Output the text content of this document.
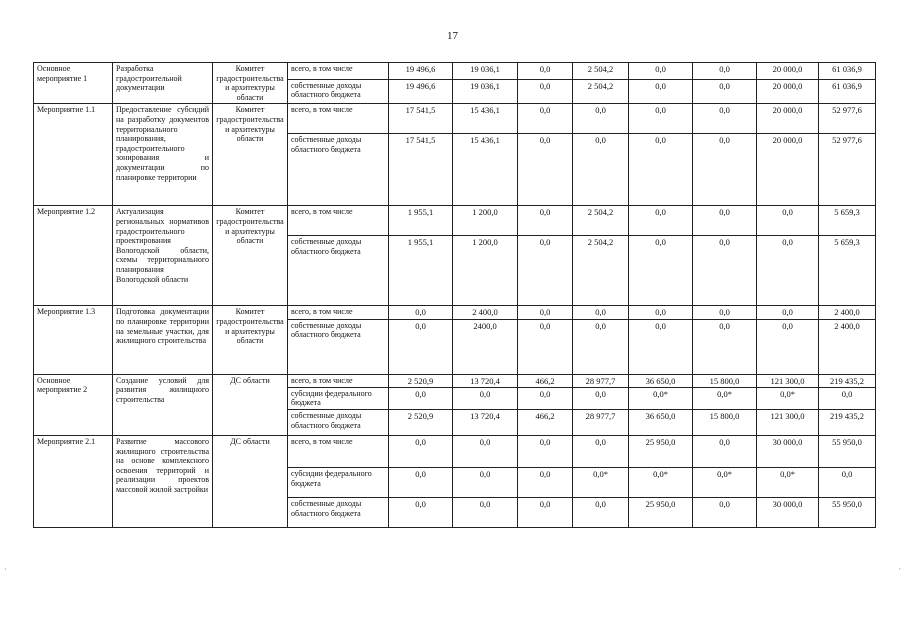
17
Основное мероприятие 1	Разработка градостроительной документации	Комитет градостроительства и архитектуры области	всего, в том числе	19 496,6	19 036,1	0,0	2 504,2	0,0	0,0	20 000,0	61 036,9
			собственные доходы областного бюджета	19 496,6	19 036,1	0,0	2 504,2	0,0	0,0	20 000,0	61 036,9
Мероприятие 1.1	Предоставление субсидий на разработку документов территориального планирования, градостроительного зонирования и документации по планировке территории	Комитет градостроительства и архитектуры области	всего, в том числе	17 541,5	15 436,1	0,0	0,0	0,0	0,0	20 000,0	52 977,6
			собственные доходы областного бюджета	17 541,5	15 436,1	0,0	0,0	0,0	0,0	20 000,0	52 977,6
Мероприятие 1.2	Актуализация региональных нормативов градостроительного проектирования Вологодской области, схемы территориального планирования Вологодской области	Комитет градостроительства и архитектуры области	всего, в том числе	1 955,1	1 200,0	0,0	2 504,2	0,0	0,0	0,0	5 659,3
			собственные доходы областного бюджета	1 955,1	1 200,0	0,0	2 504,2	0,0	0,0	0,0	5 659,3
Мероприятие 1.3	Подготовка документации по планировке территории на земельные участки, для жилищного строительства	Комитет градостроительства и архитектуры области	всего, в том числе	0,0	2 400,0	0,0	0,0	0,0	0,0	0,0	2 400,0
			собственные доходы областного бюджета	0,0	2400,0	0,0	0,0	0,0	0,0	0,0	2 400,0
Основное мероприятие 2	Создание условий для развития жилищного строительства	ДС области	всего, в том числе	2 520,9	13 720,4	466,2	28 977,7	36 650,0	15 800,0	121 300,0	219 435,2
			субсидии федерального бюджета	0,0	0,0	0,0	0,0	0,0*	0,0*	0,0*	0,0
			собственные доходы областного бюджета	2 520,9	13 720,4	466,2	28 977,7	36 650,0	15 800,0	121 300,0	219 435,2
Мероприятие 2.1	Развитие массового жилищного строительства на основе комплексного освоения территорий и реализации проектов массовой жилой застройки	ДС области	всего, в том числе	0,0	0,0	0,0	0,0	25 950,0	0,0	30 000,0	55 950,0
			субсидии федерального бюджета	0,0	0,0	0,0	0,0*	0,0*	0,0*	0,0*	0,0
			собственные доходы областного бюджета	0,0	0,0	0,0	0,0	25 950,0	0,0	30 000,0	55 950,0
·	·
